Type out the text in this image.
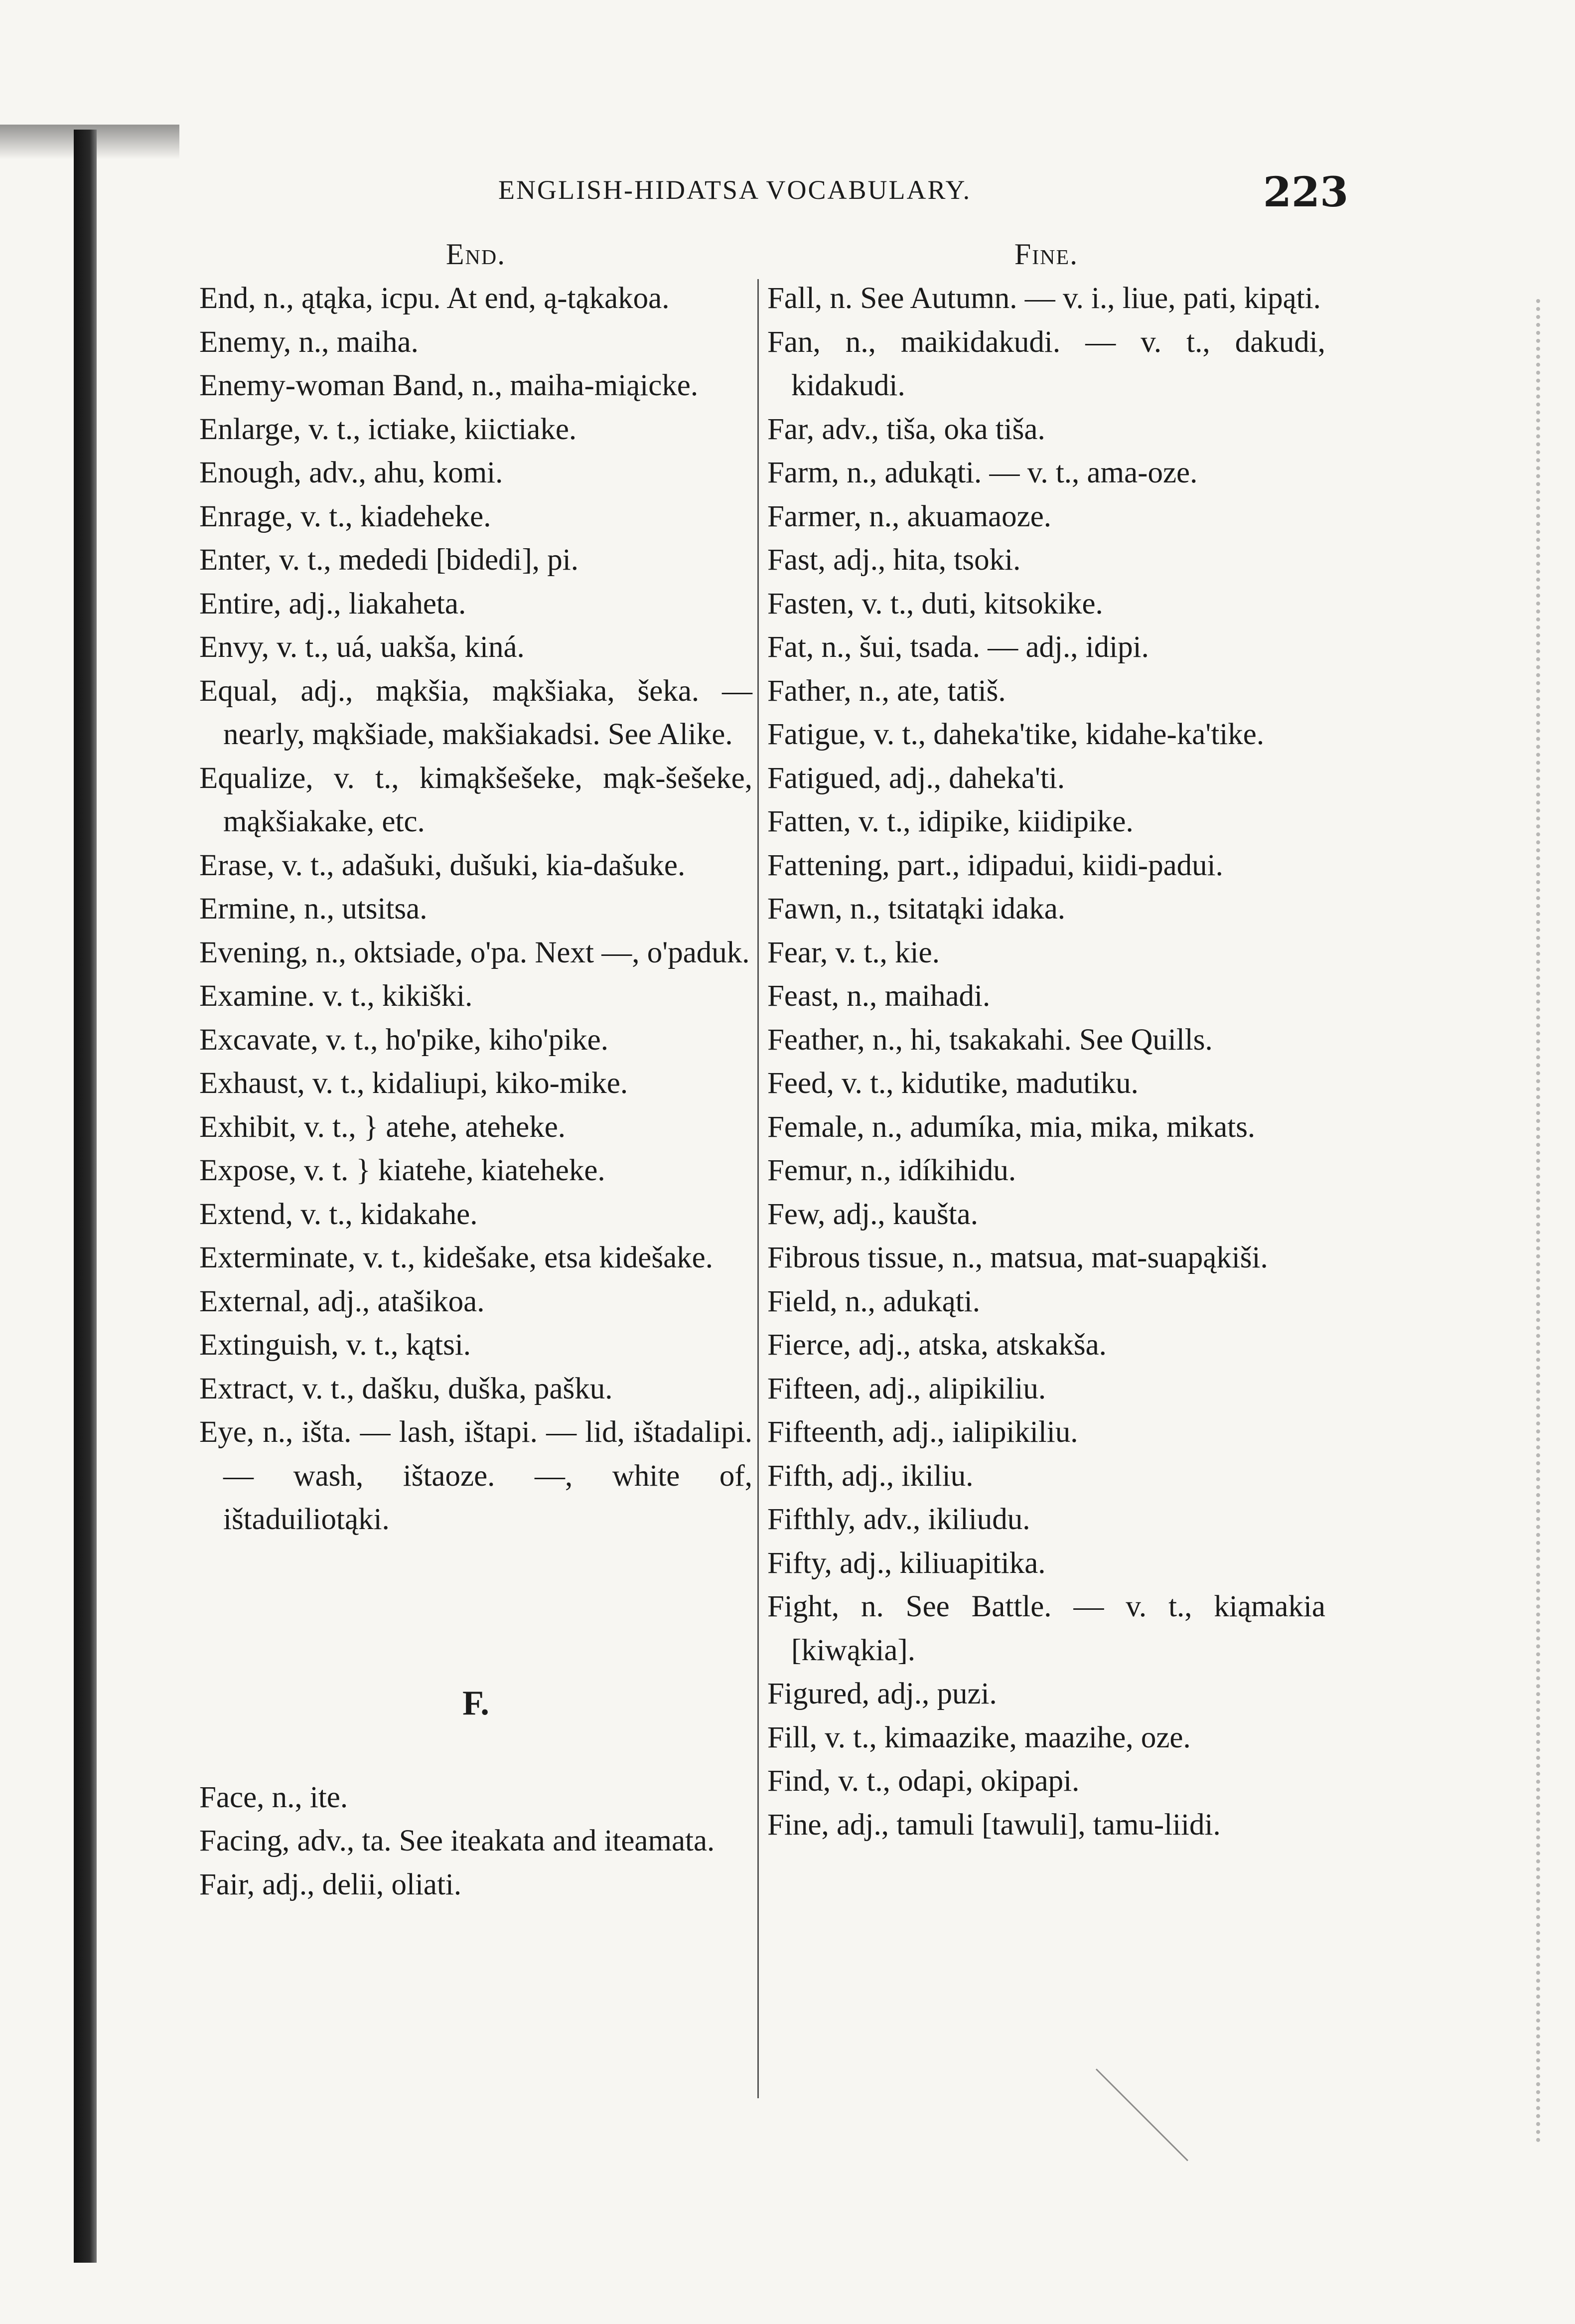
ENGLISH-HIDATSA VOCABULARY.	223
End.

End, n., ątąka, icpu. At end, ą-tąkakoa.

Enemy, n., maiha.

Enemy-woman Band, n., maiha-miąicke.

Enlarge, v. t., ictiake, kiictiake.

Enough, adv., ahu, komi.

Enrage, v. t., kiadeheke.

Enter, v. t., mededi [bidedi], pi.

Entire, adj., liakaheta.

Envy, v. t., uá, uakša, kiná.

Equal, adj., mąkšia, mąkšiaka, šeka. — nearly, mąkšiade, makšiakadsi. See Alike.

Equalize, v. t., kimąkšešeke, mąk-šešeke, mąkšiakake, etc.

Erase, v. t., adašuki, dušuki, kia-dašuke.

Ermine, n., utsitsa.

Evening, n., oktsiade, o'pa. Next —, o'paduk.

Examine. v. t., kikiški.

Excavate, v. t., ho'pike, kiho'pike.

Exhaust, v. t., kidaliupi, kiko-mike.

Exhibit, v. t., } atehe, ateheke.

Expose, v. t. } kiatehe, kiateheke.

Extend, v. t., kidakahe.

Exterminate, v. t., kidešake, etsa kidešake.

External, adj., atašikoa.

Extinguish, v. t., kątsi.

Extract, v. t., dašku, duška, pašku.

Eye, n., išta. — lash, ištapi. — lid, ištadalipi. — wash, ištaoze. —, white of, ištaduiliotąki.

F.

Face, n., ite.

Facing, adv., ta. See iteakata and iteamata.

Fair, adj., delii, oliati.

Fine.

Fall, n. See Autumn. — v. i., liue, pati, kipąti.

Fan, n., maikidakudi. — v. t., dakudi, kidakudi.

Far, adv., tiša, oka tiša.

Farm, n., adukąti. — v. t., ama-oze.

Farmer, n., akuamaoze.

Fast, adj., hita, tsoki.

Fasten, v. t., duti, kitsokike.

Fat, n., šui, tsada. — adj., idipi.

Father, n., ate, tatiš.

Fatigue, v. t., daheka'tike, kidahe-ka'tike.

Fatigued, adj., daheka'ti.

Fatten, v. t., idipike, kiidipike.

Fattening, part., idipadui, kiidi-padui.

Fawn, n., tsitatąki idaka.

Fear, v. t., kie.

Feast, n., maihadi.

Feather, n., hi, tsakakahi. See Quills.

Feed, v. t., kidutike, madutiku.

Female, n., adumíka, mia, mika, mikats.

Femur, n., idíkihidu.

Few, adj., kaušta.

Fibrous tissue, n., matsua, mat-suapąkiši.

Field, n., adukąti.

Fierce, adj., atska, atskakša.

Fifteen, adj., alipikiliu.

Fifteenth, adj., ialipikiliu.

Fifth, adj., ikiliu.

Fifthly, adv., ikiliudu.

Fifty, adj., kiliuapitika.

Fight, n. See Battle. — v. t., kiąmakia [kiwąkia].

Figured, adj., puzi.

Fill, v. t., kimaazike, maazihe, oze.

Find, v. t., odapi, okipapi.

Fine, adj., tamuli [tawuli], tamu-liidi.
